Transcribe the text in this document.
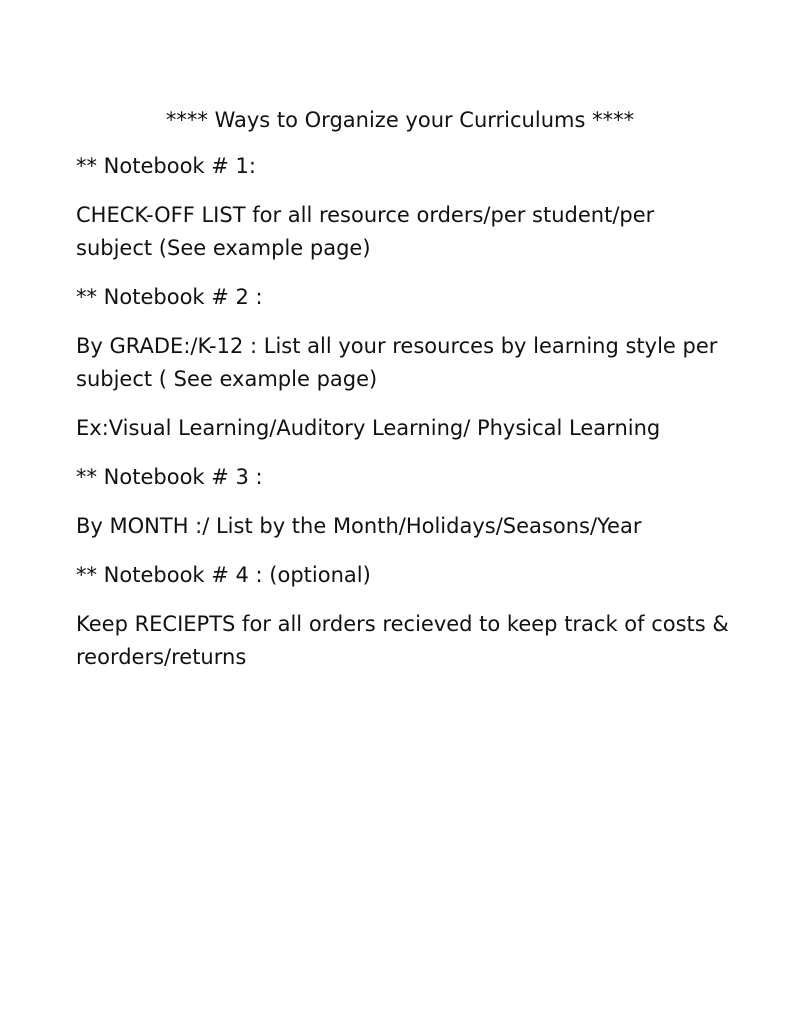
**** Ways to Organize your Curriculums ****

** Notebook # 1:

CHECK-OFF LIST for all resource orders/per student/per
subject (See example page)

** Notebook # 2 :

By GRADE:/K-12 : List all your resources by learning style per
subject ( See example page)

Ex:Visual Learning/Auditory Learning/ Physical Learning

** Notebook # 3 :

By MONTH :/ List by the Month/Holidays/Seasons/Year

** Notebook # 4 : (optional)

Keep RECIEPTS for all orders recieved to keep track of costs &
reorders/returns
